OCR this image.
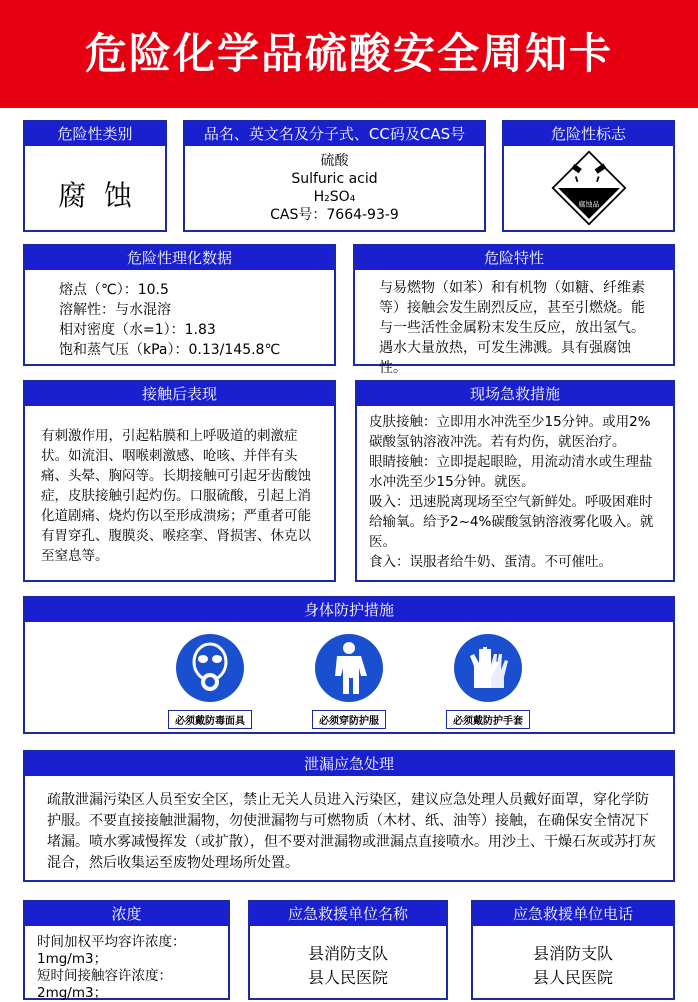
危险化学品硫酸安全周知卡
危险性类别
腐  蚀
品名、英文名及分子式、CC码及CAS号
硫酸
Sulfuric acid
H₂SO₄
CAS号：7664-93-9
危险性标志
腐蚀品
危险性理化数据
熔点（℃）：10.5
溶解性：与水混溶
相对密度（水=1）：1.83
饱和蒸气压（kPa）：0.13/145.8℃
危险特性
与易燃物（如苯）和有机物（如糖、纤维素等）接触会发生剧烈反应，甚至引燃烧。能与一些活性金属粉末发生反应，放出氢气。遇水大量放热，可发生沸溅。具有强腐蚀性。
接触后表现
有刺激作用，引起粘膜和上呼吸道的刺激症状。如流泪、咽喉刺激感、呛咳、并伴有头痛、头晕、胸闷等。长期接触可引起牙齿酸蚀症，皮肤接触引起灼伤。口服硫酸，引起上消化道剧痛、烧灼伤以至形成溃疡；严重者可能有胃穿孔、腹膜炎、喉痉挛、肾损害、休克以至窒息等。
现场急救措施
皮肤接触：立即用水冲洗至少15分钟。或用2%碳酸氢钠溶液冲洗。若有灼伤，就医治疗。
眼睛接触：立即提起眼睑，用流动清水或生理盐水冲洗至少15分钟。就医。
吸入：迅速脱离现场至空气新鲜处。呼吸困难时给输氧。给予2~4%碳酸氢钠溶液雾化吸入。就医。
食入：误服者给牛奶、蛋清。不可催吐。
身体防护措施
必须戴防毒面具	必须穿防护服	必须戴防护手套
泄漏应急处理
疏散泄漏污染区人员至安全区，禁止无关人员进入污染区，建议应急处理人员戴好面罩，穿化学防护服。不要直接接触泄漏物，勿使泄漏物与可燃物质（木材、纸、油等）接触，在确保安全情况下堵漏。喷水雾减慢挥发（或扩散），但不要对泄漏物或泄漏点直接喷水。用沙土、干燥石灰或苏打灰混合，然后收集运至废物处理场所处置。
浓度
时间加权平均容许浓度：
1mg/m3；
短时间接触容许浓度：
2mg/m3；
应急救援单位名称
县消防支队
县人民医院
应急救援单位电话
县消防支队
县人民医院
